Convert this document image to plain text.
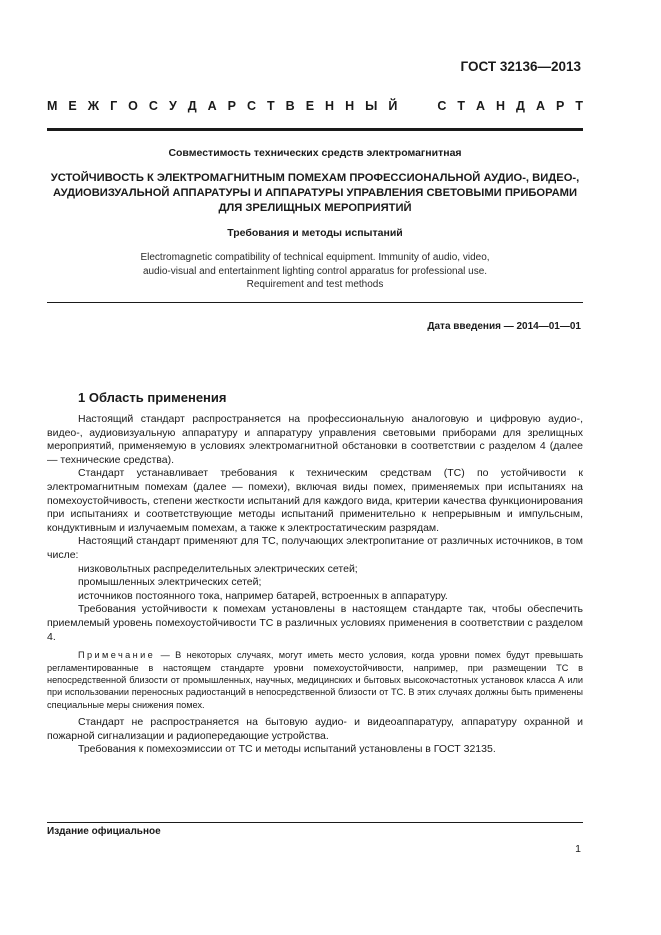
ГОСТ 32136—2013
М Е Ж Г О С У Д А Р С Т В Е Н Н Ы Й

	С Т А Н Д А Р Т
Совместимость технических средств электромагнитная
УСТОЙЧИВОСТЬ К ЭЛЕКТРОМАГНИТНЫМ ПОМЕХАМ ПРОФЕССИОНАЛЬНОЙ АУДИО-, ВИДЕО-,
АУДИОВИЗУАЛЬНОЙ АППАРАТУРЫ И АППАРАТУРЫ УПРАВЛЕНИЯ СВЕТОВЫМИ ПРИБОРАМИ
ДЛЯ ЗРЕЛИЩНЫХ МЕРОПРИЯТИЙ
Требования и методы испытаний
Electromagnetic compatibility of technical equipment. Immunity of audio, video,
audio-visual and entertainment lighting control apparatus for professional use.
Requirement and test methods
Дата введения — 2014—01—01
1 Область применения

Настоящий стандарт распространяется на профессиональную аналоговую и цифровую аудио-, видео-, аудиовизуальную аппаратуру и аппаратуру управления световыми приборами для зрелищных мероприятий, применяемую в условиях электромагнитной обстановки в соответствии с разделом 4 (далее — технические средства).

Стандарт устанавливает требования к техническим средствам (ТС) по устойчивости к электромагнитным помехам (далее — помехи), включая виды помех, применяемых при испытаниях на помехоустойчивость, степени жесткости испытаний для каждого вида, критерии качества функционирования при испытаниях и соответствующие методы испытаний применительно к непрерывным и импульсным, кондуктивным и излучаемым помехам, а также к электростатическим разрядам.

Настоящий стандарт применяют для ТС, получающих электропитание от различных источников, в том числе:

низковольтных распределительных электрических сетей;

промышленных электрических сетей;

источников постоянного тока, например батарей, встроенных в аппаратуру.

Требования устойчивости к помехам установлены в настоящем стандарте так, чтобы обеспечить приемлемый уровень помехоустойчивости ТС в различных условиях применения в соответствии с разделом 4.

Примечание — В некоторых случаях, могут иметь место условия, когда уровни помех будут превышать регламентированные в настоящем стандарте уровни помехоустойчивости, например, при размещении ТС в непосредственной близости от промышленных, научных, медицинских и бытовых высокочастотных установок класса А или при использовании переносных радиостанций в непосредственной близости от ТС. В этих случаях должны быть применены специальные меры снижения помех.

Стандарт не распространяется на бытовую аудио- и видеоаппаратуру, аппаратуру охранной и пожарной сигнализации и радиопередающие устройства.

Требования к помехоэмиссии от ТС и методы испытаний установлены в ГОСТ 32135.

Издание официальное
1
